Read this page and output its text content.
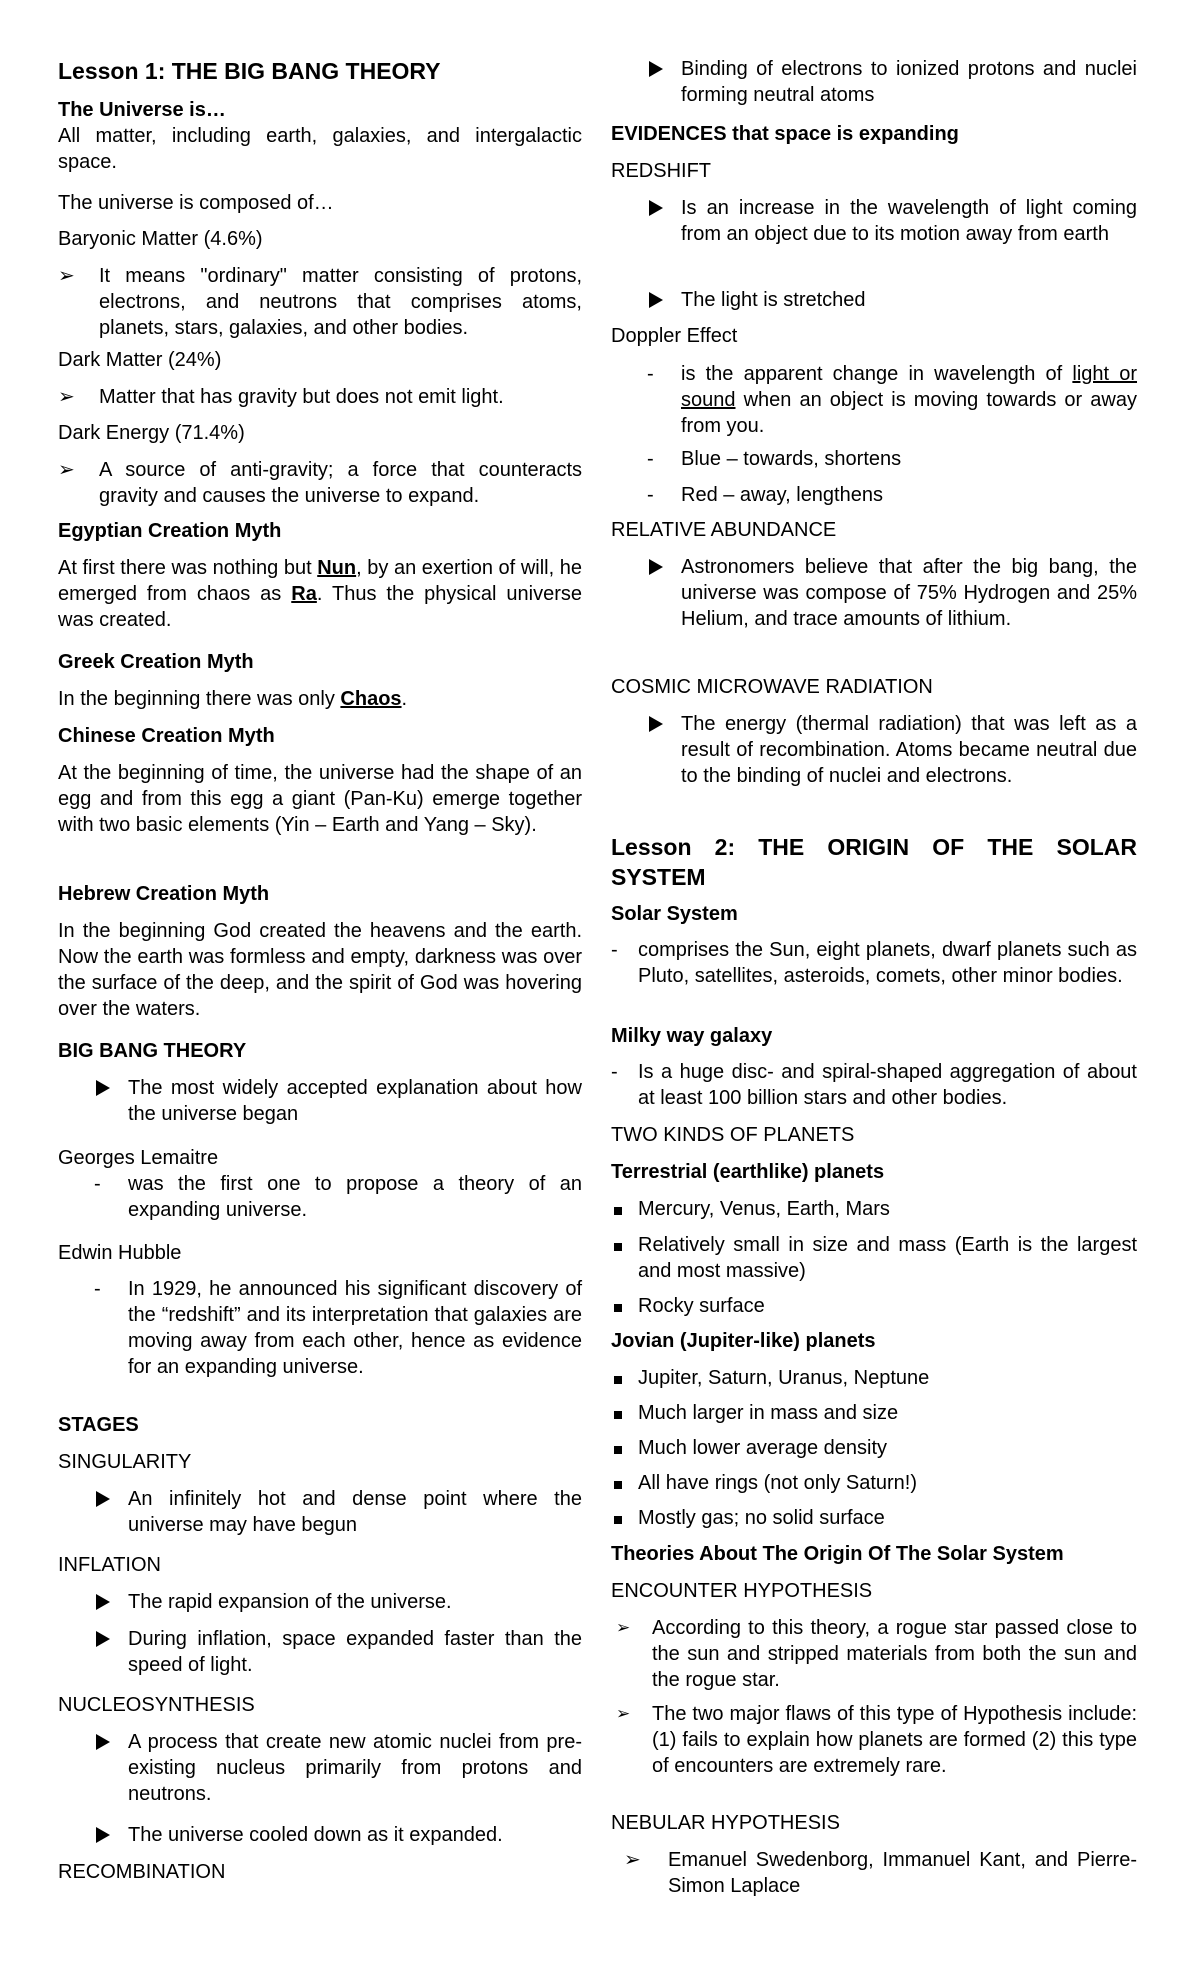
Lesson 1: THE BIG BANG THEORY
The Universe is…
All matter, including earth, galaxies, and intergalactic space.
The universe is composed of…
Baryonic Matter (4.6%)
➢	It means "ordinary" matter consisting of protons, electrons, and neutrons that comprises atoms, planets, stars, galaxies, and other bodies.
Dark Matter (24%)
➢	Matter that has gravity but does not emit light.
Dark Energy (71.4%)
➢	A source of anti-gravity; a force that counteracts gravity and causes the universe to expand.
Egyptian Creation Myth
At first there was nothing but Nun, by an exertion of will, he emerged from chaos as Ra. Thus the physical universe was created.
Greek Creation Myth
In the beginning there was only Chaos.
Chinese Creation Myth
At the beginning of time, the universe had the shape of an egg and from this egg a giant (Pan-Ku) emerge together with two basic elements (Yin – Earth and Yang – Sky).
Hebrew Creation Myth
In the beginning God created the heavens and the earth. Now the earth was formless and empty, darkness was over the surface of the deep, and the spirit of God was hovering over the waters.
BIG BANG THEORY
The most widely accepted explanation about how the universe began
Georges Lemaitre
-	was the first one to propose a theory of an expanding universe.
Edwin Hubble
-	In 1929, he announced his significant discovery of the “redshift” and its interpretation that galaxies are moving away from each other, hence as evidence for an expanding universe.
STAGES
SINGULARITY
An infinitely hot and dense point where the universe may have begun
INFLATION
The rapid expansion of the universe.
During inflation, space expanded faster than the speed of light.
NUCLEOSYNTHESIS
A process that create new atomic nuclei from pre-existing nucleus primarily from protons and neutrons.
The universe cooled down as it expanded.
RECOMBINATION
Binding of electrons to ionized protons and nuclei forming neutral atoms
EVIDENCES that space is expanding
REDSHIFT
Is an increase in the wavelength of light coming from an object due to its motion away from earth
The light is stretched
Doppler Effect
-	is the apparent change in wavelength of light or sound when an object is moving towards or away from you.
-	Blue – towards, shortens
-	Red – away, lengthens
RELATIVE ABUNDANCE
Astronomers believe that after the big bang, the universe was compose of 75% Hydrogen and 25% Helium, and trace amounts of lithium.
COSMIC MICROWAVE RADIATION
The energy (thermal radiation) that was left as a result of recombination. Atoms became neutral due to the binding of nuclei and electrons.
Lesson 2: THE ORIGIN OF THE SOLAR SYSTEM
Solar System
-	comprises the Sun, eight planets, dwarf planets such as Pluto, satellites, asteroids, comets, other minor bodies.
Milky way galaxy
-	Is a huge disc- and spiral-shaped aggregation of about at least 100 billion stars and other bodies.
TWO KINDS OF PLANETS
Terrestrial (earthlike) planets
Mercury, Venus, Earth, Mars
Relatively small in size and mass (Earth is the largest and most massive)
Rocky surface
Jovian (Jupiter-like) planets
Jupiter, Saturn, Uranus, Neptune
Much larger in mass and size
Much lower average density
All have rings (not only Saturn!)
Mostly gas; no solid surface
Theories About The Origin Of The Solar System
ENCOUNTER HYPOTHESIS
➢	According to this theory, a rogue star passed close to the sun and stripped materials from both the sun and the rogue star.
➢	The two major flaws of this type of Hypothesis include: (1) fails to explain how planets are formed (2) this type of encounters are extremely rare.
NEBULAR HYPOTHESIS
➢	Emanuel Swedenborg, Immanuel Kant, and Pierre-Simon Laplace
